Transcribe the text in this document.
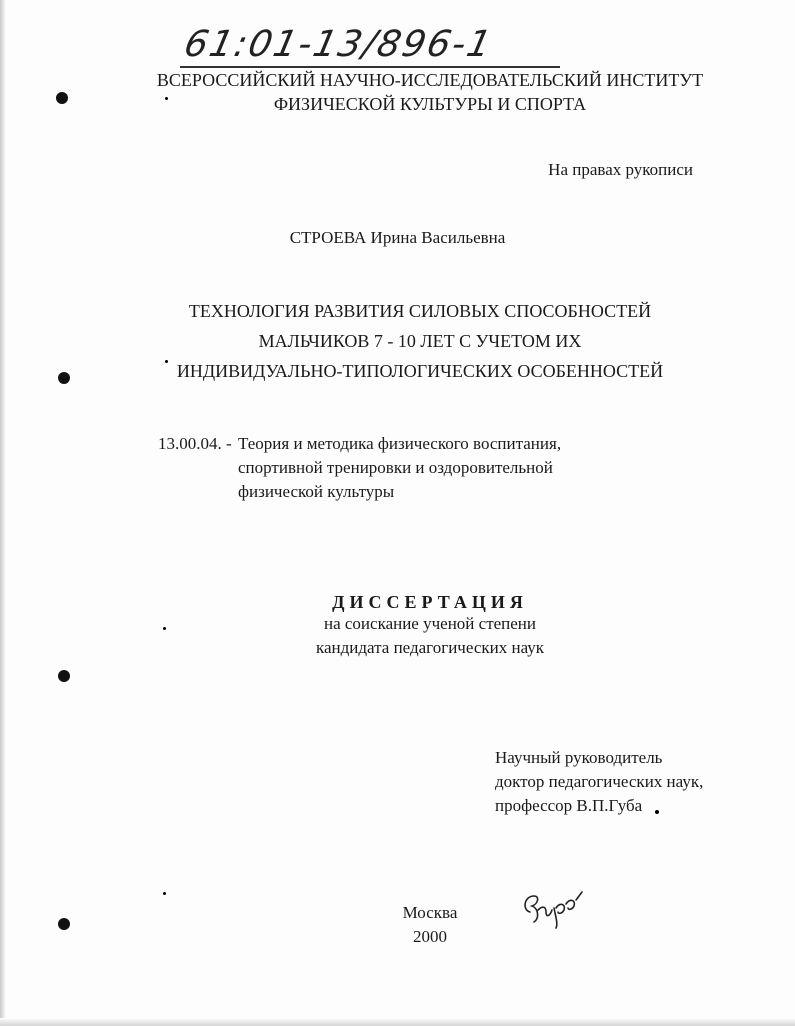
61:01-13/896-1
ВСЕРОССИЙСКИЙ НАУЧНО-ИССЛЕДОВАТЕЛЬСКИЙ ИНСТИТУТ
ФИЗИЧЕСКОЙ КУЛЬТУРЫ И СПОРТА
На правах рукописи
СТРОЕВА Ирина Васильевна
ТЕХНОЛОГИЯ РАЗВИТИЯ СИЛОВЫХ СПОСОБНОСТЕЙ
МАЛЬЧИКОВ 7 - 10 ЛЕТ С УЧЕТОМ ИХ
ИНДИВИДУАЛЬНО-ТИПОЛОГИЧЕСКИХ ОСОБЕННОСТЕЙ
13.00.04. - Теория и методика физического воспитания,
спортивной тренировки и оздоровительной
физической культуры
ДИССЕРТАЦИЯ
на соискание ученой степени
кандидата педагогических наук
Научный руководитель
доктор педагогических наук,
профессор В.П.Губа
Москва
2000
